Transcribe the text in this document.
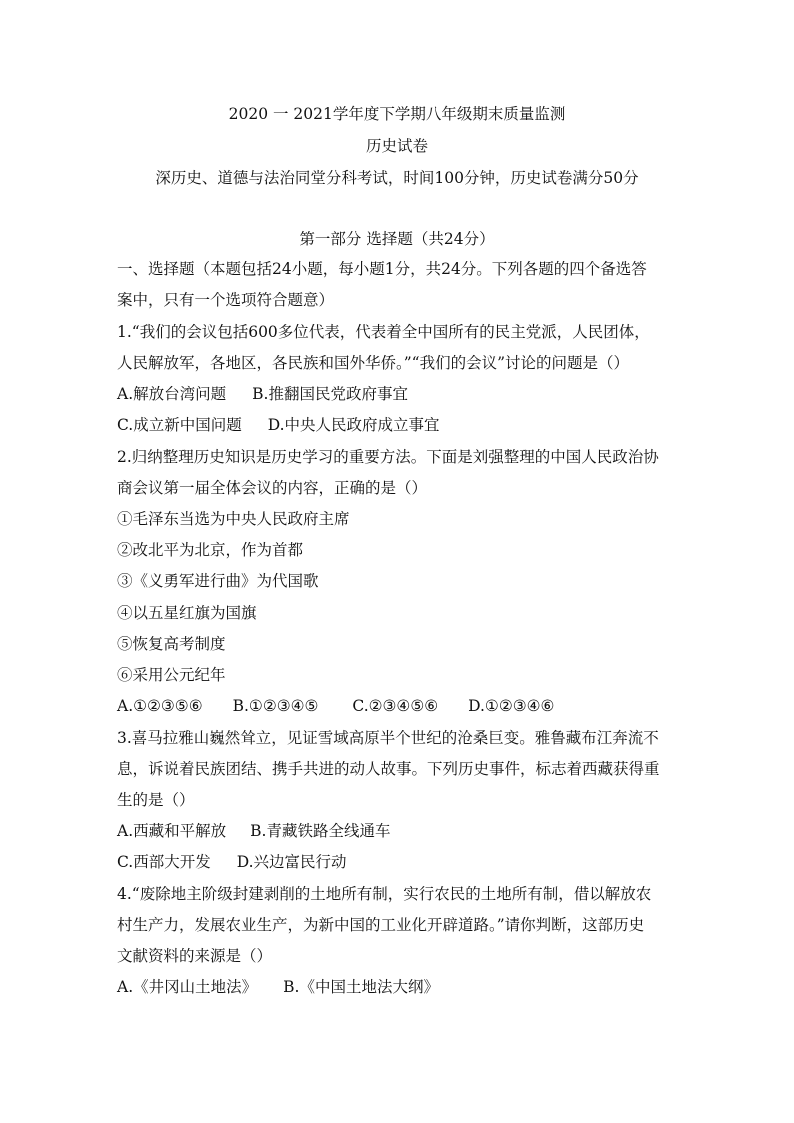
2020 一 2021学年度下学期八年级期末质量监测
历史试卷
深历史、道德与法治同堂分科考试，时间100分钟，历史试卷满分50分
第一部分 选择题（共24分）
一、选择题（本题包括24小题，每小题1分，共24分。下列各题的四个备选答
案中，只有一个选项符合题意）
1.“我们的会议包括600多位代表，代表着全中国所有的民主党派，人民团体，
人民解放军，各地区，各民族和国外华侨。”“我们的会议”讨论的问题是（）
A.解放台湾问题 B.推翻国民党政府事宜
C.成立新中国问题 D.中央人民政府成立事宜
2.归纳整理历史知识是历史学习的重要方法。下面是刘强整理的中国人民政治协
商会议第一届全体会议的内容，正确的是（）
①毛泽东当选为中央人民政府主席
②改北平为北京，作为首都
③《义勇军进行曲》为代国歌
④以五星红旗为国旗
⑤恢复高考制度
⑥采用公元纪年
A.①②③⑤⑥ B.①②③④⑤ C.②③④⑤⑥ D.①②③④⑥
3.喜马拉雅山巍然耸立，见证雪域高原半个世纪的沧桑巨变。雅鲁藏布江奔流不
息，诉说着民族团结、携手共进的动人故事。下列历史事件，标志着西藏获得重
生的是（）
A.西藏和平解放 B.青藏铁路全线通车
C.西部大开发 D.兴边富民行动
4.“废除地主阶级封建剥削的土地所有制，实行农民的土地所有制，借以解放农
村生产力，发展农业生产，为新中国的工业化开辟道路。”请你判断，这部历史
文献资料的来源是（）
A.《井冈山土地法》 B.《中国土地法大纲》
